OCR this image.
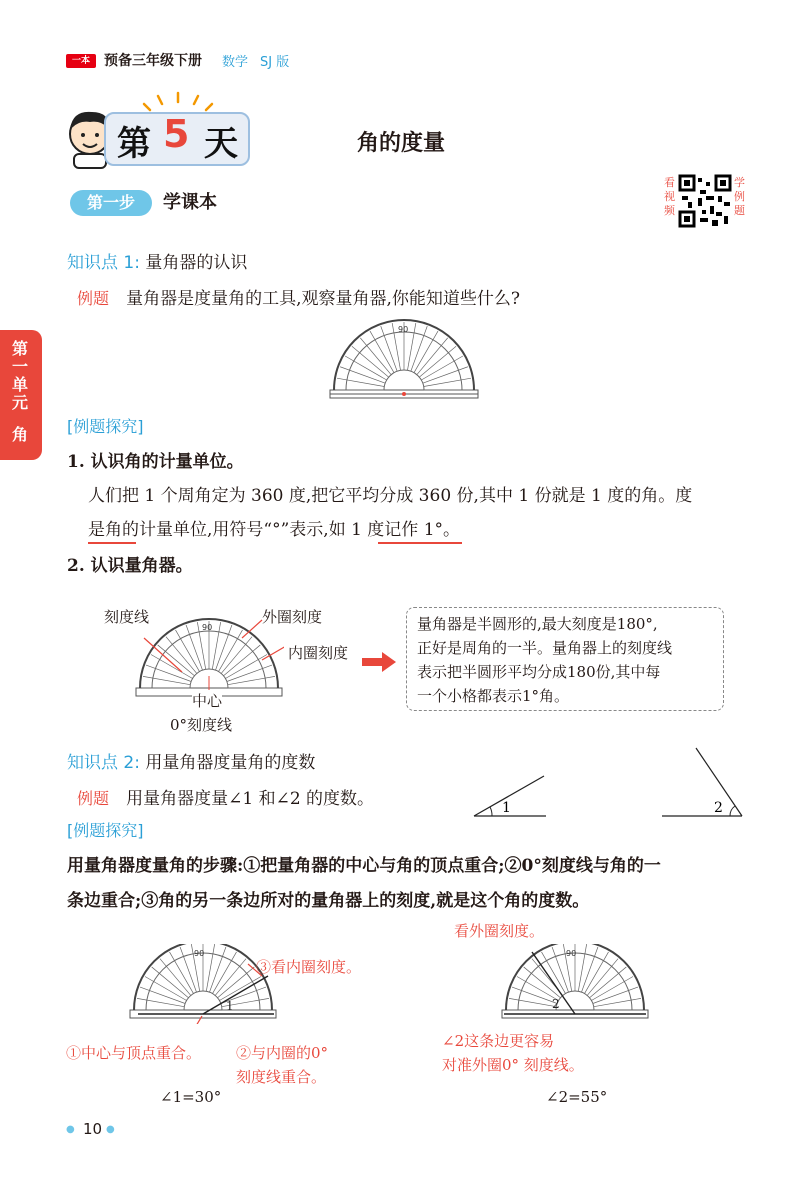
一本	预备三年级下册 数学 SJ 版
第 5 天	角的度量
第一步	学课本
看视频
学例题
第一单元
角
知识点 1: 量角器的认识
例题 量角器是度量角的工具,观察量角器,你能知道些什么?
90
[例题探究]
1. 认识角的计量单位。
人们把 1 个周角定为 360 度,把它平均分成 360 份,其中 1 份就是 1 度的角。度
是角的计量单位,用符号“°”表示,如 1 度记作 1°。
2. 认识量角器。
90
刻度线	外圈刻度
内圈刻度
中心
0°刻度线
量角器是半圆形的,最大刻度是180°,
正好是周角的一半。量角器上的刻度线
表示把半圆形平均分成180份,其中每
一个小格都表示1°角。
知识点 2: 用量角器度量角的度数
例题 用量角器度量∠1 和∠2 的度数。	1	2
[例题探究]
用量角器度量角的步骤:①把量角器的中心与角的顶点重合;②0°刻度线与角的一
条边重合;③角的另一条边所对的量角器上的刻度,就是这个角的度数。
90
1
③看内圈刻度。
①中心与顶点重合。 ②与内圈的0°
刻度线重合。
∠1=30°
90
2
看外圈刻度。
∠2这条边更容易
对准外圈0° 刻度线。
∠2=55°
● 10 ●
